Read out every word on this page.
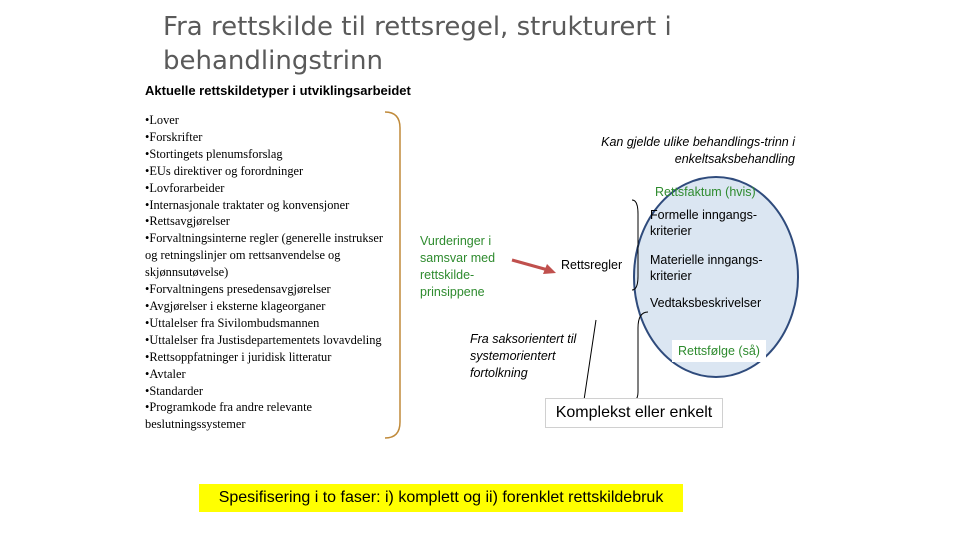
Fra rettskilde til rettsregel, strukturert i behandlingstrinn
Aktuelle rettskildetyper i utviklingsarbeidet
• Lover
• Forskrifter
• Stortingets plenumsforslag
• EUs direktiver og forordninger
• Lovforarbeider
• Internasjonale traktater og konvensjoner
• Rettsavgjørelser
• Forvaltningsinterne regler (generelle instrukser og retningslinjer om rettsanvendelse og skjønnsutøvelse)
• Forvaltningens presedensavgjørelser
• Avgjørelser i eksterne klageorganer
• Uttalelser fra Sivilombudsmannen
• Uttalelser fra Justisdepartementets lovavdeling
• Rettsoppfatninger i juridisk litteratur
• Avtaler
• Standarder
• Programkode fra andre relevante beslutningssystemer
Kan gjelde ulike behandlings-trinn i enkeltsaksbehandling
Rettsfaktum (hvis)
Formelle inngangs-kriterier
Materielle inngangs-kriterier
Vedtaksbeskrivelser
Rettsfølge (så)
Vurderinger i samsvar med rettskilde-prinsippene
Rettsregler
Fra saksorientert til systemorientert fortolkning
Komplekst eller enkelt
Spesifisering i to faser: i) komplett og ii) forenklet rettskildebruk
